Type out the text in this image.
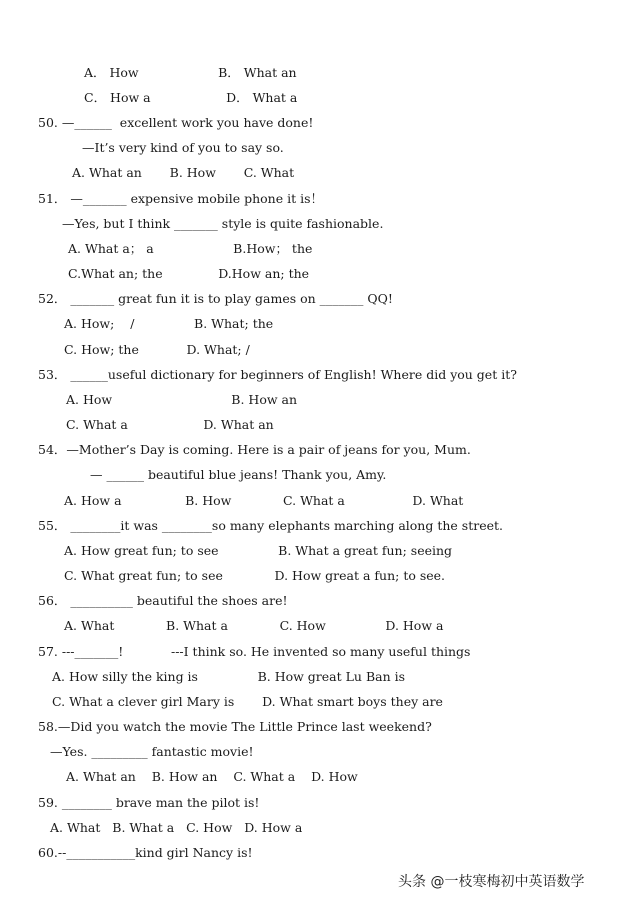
A． How                    B． What an
C． How a                   D． What a
50. —______  excellent work you have done!
—It’s very kind of you to say so.
A. What an       B. How       C. What
51． —_______ expensive mobile phone it is！
—Yes, but I think _______ style is quite fashionable.
A. What a； a                    B.How； the
C.What an; the              D.How an; the
52． _______ great fun it is to play games on _______ QQ!
A. How;    /               B. What; the
C. How; the            D. What; /
53． ______useful dictionary for beginners of English! Where did you get it?
A. How                              B. How an
C. What a                   D. What an
54．—Mother’s Day is coming. Here is a pair of jeans for you, Mum.
— ______ beautiful blue jeans! Thank you, Amy.
A. How a                B. How             C. What a                 D. What
55． ________it was ________so many elephants marching along the street.
A. How great fun; to see               B. What a great fun; seeing
C. What great fun; to see             D. How great a fun; to see.
56． __________ beautiful the shoes are!
A. What             B. What a             C. How               D. How a
57. ---_______!            ---I think so. He invented so many useful things
A. How silly the king is               B. How great Lu Ban is
C. What a clever girl Mary is       D. What smart boys they are
58.—Did you watch the movie The Little Prince last weekend?
—Yes. _________ fantastic movie!
A. What an    B. How an    C. What a    D. How
59. ________ brave man the pilot is!
A. What   B. What a   C. How   D. How a
60.--___________kind girl Nancy is!
头条 @一枝寒梅初中英语数学
